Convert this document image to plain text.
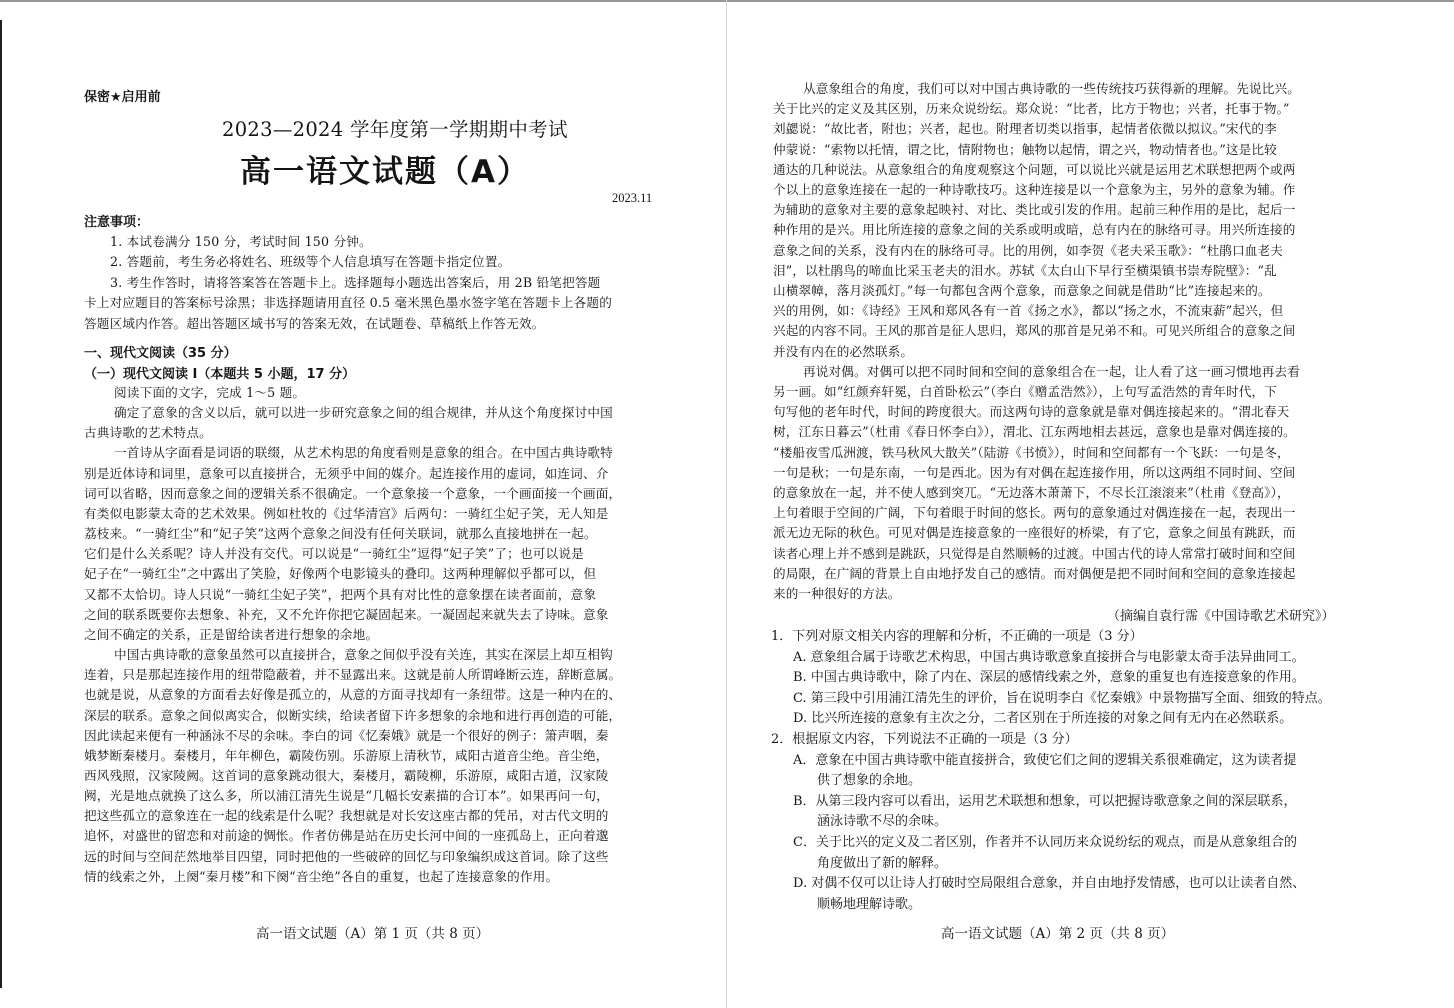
保密★启用前
2023—2024 学年度第一学期期中考试
高一语文试题（A）
2023.11
注意事项：
1. 本试卷满分 150 分，考试时间 150 分钟。
2. 答题前，考生务必将姓名、班级等个人信息填写在答题卡指定位置。
3. 考生作答时，请将答案答在答题卡上。选择题每小题选出答案后，用 2B 铅笔把答题
卡上对应题目的答案标号涂黑；非选择题请用直径 0.5 毫米黑色墨水签字笔在答题卡上各题的
答题区域内作答。超出答题区域书写的答案无效，在试题卷、草稿纸上作答无效。
一、现代文阅读（35 分）
（一）现代文阅读 I（本题共 5 小题，17 分）
阅读下面的文字，完成 1～5 题。
确定了意象的含义以后，就可以进一步研究意象之间的组合规律，并从这个角度探讨中国
古典诗歌的艺术特点。
一首诗从字面看是词语的联缀，从艺术构思的角度看则是意象的组合。在中国古典诗歌特
别是近体诗和词里，意象可以直接拼合，无须乎中间的媒介。起连接作用的虚词，如连词、介
词可以省略，因而意象之间的逻辑关系不很确定。一个意象接一个意象，一个画面接一个画面，
有类似电影蒙太奇的艺术效果。例如杜牧的《过华清宫》后两句：一骑红尘妃子笑，无人知是
荔枝来。“一骑红尘”和“妃子笑”这两个意象之间没有任何关联词，就那么直接地拼在一起。
它们是什么关系呢？诗人并没有交代。可以说是“一骑红尘”逗得“妃子笑”了；也可以说是
妃子在“一骑红尘”之中露出了笑脸，好像两个电影镜头的叠印。这两种理解似乎都可以，但
又都不太恰切。诗人只说“一骑红尘妃子笑”，把两个具有对比性的意象摆在读者面前，意象
之间的联系既要你去想象、补充，又不允许你把它凝固起来。一凝固起来就失去了诗味。意象
之间不确定的关系，正是留给读者进行想象的余地。
中国古典诗歌的意象虽然可以直接拼合，意象之间似乎没有关连，其实在深层上却互相钩
连着，只是那起连接作用的纽带隐蔽着，并不显露出来。这就是前人所谓峰断云连，辞断意属。
也就是说，从意象的方面看去好像是孤立的，从意的方面寻找却有一条纽带。这是一种内在的、
深层的联系。意象之间似离实合，似断实续，给读者留下许多想象的余地和进行再创造的可能，
因此读起来便有一种涵泳不尽的余味。李白的词《忆秦娥》就是一个很好的例子：箫声咽，秦
娥梦断秦楼月。秦楼月，年年柳色，霸陵伤别。乐游原上清秋节，咸阳古道音尘绝。音尘绝，
西风残照，汉家陵阙。这首词的意象跳动很大，秦楼月，霸陵柳，乐游原，咸阳古道，汉家陵
阙，光是地点就换了这么多，所以浦江清先生说是“几幅长安素描的合订本”。如果再问一句，
把这些孤立的意象连在一起的线索是什么呢？我想就是对长安这座古都的凭吊，对古代文明的
追怀，对盛世的留恋和对前途的惆怅。作者仿佛是站在历史长河中间的一座孤岛上，正向着邈
远的时间与空间茫然地举目四望，同时把他的一些破碎的回忆与印象编织成这首词。除了这些
情的线索之外，上阕“秦月楼”和下阕“音尘绝”各自的重复，也起了连接意象的作用。
高一语文试题（A）第 1 页（共 8 页）
从意象组合的角度，我们可以对中国古典诗歌的一些传统技巧获得新的理解。先说比兴。
关于比兴的定义及其区别，历来众说纷纭。郑众说：“比者，比方于物也；兴者，托事于物。”
刘勰说：“故比者，附也；兴者，起也。附理者切类以指事，起情者依微以拟议。”宋代的李
仲蒙说：“索物以托情，谓之比，情附物也；触物以起情，谓之兴，物动情者也。”这是比较
通达的几种说法。从意象组合的角度观察这个问题，可以说比兴就是运用艺术联想把两个或两
个以上的意象连接在一起的一种诗歌技巧。这种连接是以一个意象为主，另外的意象为辅。作
为辅助的意象对主要的意象起映衬、对比、类比或引发的作用。起前三种作用的是比，起后一
种作用的是兴。用比所连接的意象之间的关系或明或暗，总有内在的脉络可寻。用兴所连接的
意象之间的关系，没有内在的脉络可寻。比的用例，如李贺《老夫采玉歌》：“杜鹃口血老夫
泪”，以杜鹃鸟的啼血比采玉老夫的泪水。苏轼《太白山下早行至横渠镇书崇寿院壁》：“乱
山横翠幛，落月淡孤灯。”每一句都包含两个意象，而意象之间就是借助“比”连接起来的。
兴的用例，如：《诗经》王风和郑风各有一首《扬之水》，都以“扬之水，不流束薪”起兴，但
兴起的内容不同。王风的那首是征人思归，郑风的那首是兄弟不和。可见兴所组合的意象之间
并没有内在的必然联系。
再说对偶。对偶可以把不同时间和空间的意象组合在一起，让人看了这一画习惯地再去看
另一画。如“红颜弃轩冕，白首卧松云”（李白《赠孟浩然》），上句写孟浩然的青年时代，下
句写他的老年时代，时间的跨度很大。而这两句诗的意象就是靠对偶连接起来的。“渭北春天
树，江东日暮云”（杜甫《春日怀李白》），渭北、江东两地相去甚远，意象也是靠对偶连接的。
“楼船夜雪瓜洲渡，铁马秋风大散关”（陆游《书愤》），时间和空间都有一个飞跃：一句是冬，
一句是秋；一句是东南，一句是西北。因为有对偶在起连接作用，所以这两组不同时间、空间
的意象放在一起，并不使人感到突兀。“无边落木萧萧下，不尽长江滚滚来”（杜甫《登高》），
上句着眼于空间的广阔，下句着眼于时间的悠长。两句的意象通过对偶连接在一起，表现出一
派无边无际的秋色。可见对偶是连接意象的一座很好的桥梁，有了它，意象之间虽有跳跃，而
读者心理上并不感到是跳跃，只觉得是自然顺畅的过渡。中国古代的诗人常常打破时间和空间
的局限，在广阔的背景上自由地抒发自己的感情。而对偶便是把不同时间和空间的意象连接起
来的一种很好的方法。
（摘编自袁行霈《中国诗歌艺术研究》）
1．下列对原文相关内容的理解和分析，不正确的一项是（3 分）
A. 意象组合属于诗歌艺术构思，中国古典诗歌意象直接拼合与电影蒙太奇手法异曲同工。
B. 中国古典诗歌中，除了内在、深层的感情线索之外，意象的重复也有连接意象的作用。
C. 第三段中引用浦江清先生的评价，旨在说明李白《忆秦娥》中景物描写全面、细致的特点。
D. 比兴所连接的意象有主次之分，二者区别在于所连接的对象之间有无内在必然联系。
2．根据原文内容，下列说法不正确的一项是（3 分）
A．意象在中国古典诗歌中能直接拼合，致使它们之间的逻辑关系很难确定，这为读者提
供了想象的余地。
B．从第三段内容可以看出，运用艺术联想和想象，可以把握诗歌意象之间的深层联系，
涵泳诗歌不尽的余味。
C．关于比兴的定义及二者区别，作者并不认同历来众说纷纭的观点，而是从意象组合的
角度做出了新的解释。
D. 对偶不仅可以让诗人打破时空局限组合意象，并自由地抒发情感，也可以让读者自然、
顺畅地理解诗歌。
高一语文试题（A）第 2 页（共 8 页）
